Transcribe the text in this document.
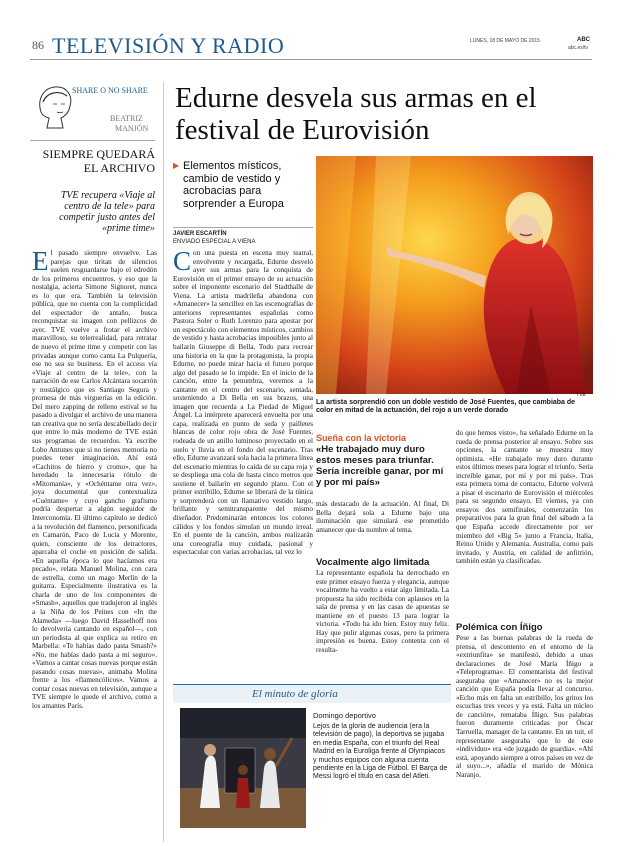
86 TELEVISIÓN Y RADIO	LUNES, 18 DE MAYO DE 2015	ABC
abc.es/tv
SHARE O NO SHARE
BEATRIZ
MANJÓN
SIEMPRE QUEDARÁ EL ARCHIVO
TVE recupera «Viaje al centro de la tele» para competir justo antes del «prime time»
El pasado siempre envuelve. Las parejas que tiritan de silencios suelen resguardarse bajo el edredón de los primeros encuentros, y eso que la nostalgia, acierta Simone Signoret, nunca es lo que era. También la televisión pública, que no cuenta con la complicidad del espectador de antaño, busca reconquistar su imagen con pellizcos de ayer. TVE vuelve a frotar el archivo maravilloso, su telerrealidad, para retratar de nuevo el prime time y competir con las privadas aunque como canta La Pulquería, ese no sea su business. En el access vía «Viaje al centro de la tele», con la narración de ese Carlos Alcántara socarrón y nostálgico que es Santiago Segura y promesa de más virguerías en la edición. Del mero zapping de relleno estival se ha pasado a divulgar el archivo de una manera tan creativa que no sería descabellado decir que entre lo más moderno de TVE están sus programas de recuerdos. Ya escribe Lobo Antunes que si no tienes memoria no puedes tener imaginación. Ahí está «Cachitos de hierro y cromo», que ha heredado la innecesaria rótulo de «Mitomanía», y «Ochéntame otra vez», joya documental que contextualiza «Cuéntame» y cuyo gancho grafismo podría despertar a algún seguidor de Interconomía. El último capítulo se dedicó a la revolución del flamenco, personificada en Camarón, Paco de Lucía y Morente, quien, consciente de los detractores, aparcaba el coche en posición de salida. «En aquella época lo que hacíamos era pecado», relata Manuel Molina, con cara de estrella, como un mago Merlín de la guitarra. Especialmente ilustrativa es la charla de uno de los componentes de «Smash», aquellos que tradujeron al inglés a la Niña de los Peines con «In the Alameda» —luego David Hasselhoff nos lo devolvería cantando en español—, con un periodista al que explica su retiro en Marbella: «Te habías dado pasta Smash?» «No, me habías dado pasta a mí seguro». «Vamos a cantar cosas nuevas porque están pasando cosas nuevas», animaba Molina frente a los «flamencólicos». Vamos a contar cosas nuevas en televisión, aunque a TVE siempre le quede el archivo, como a los amantes París.
Edurne desvela sus armas en el festival de Eurovisión
▶ Elementos místicos, cambio de vestido y acrobacias para sorprender a Europa
JAVIER ESCARTÍN
ENVIADO ESPECIAL A VIENA
Con una puesta en escena muy teatral, envolvente y recargada, Edurne desveló ayer sus armas para la conquista de Eurovisión en el primer ensayo de su actuación sobre el imponente escenario del Stadthalle de Viena. La artista madrileña abandona con «Amanecer» la sencillez en las escenografías de anteriores representantes españolas como Pastora Soler o Ruth Lorenzo para apostar por un espectáculo con elementos místicos, cambios de vestido y hasta acrobacias imposibles junto al bailarín Giuseppe di Bella. Todo para recrear una historia en la que la protagonista, la propia Edurne, no puede mirar hacia el futuro porque algo del pasado se lo impide. En el inicio de la canción, entre la penumbra, veremos a la cantante en el centro del escenario, sentada, sosteniendo a Di Bella en sus brazos, una imagen que recuerda a La Piedad de Miguel Ángel. La intérprete aparecerá envuelta por una capa, realizada en punto de seda y pailletes blancas de color rojo obra de José Fuentes, rodeada de un anillo luminoso proyectado en el suelo y lluvia en el fondo del escenario. Tras ello, Edurne avanzará sola hacia la primera línea del escenario mientras lo caída de su capa roja y se despliega una cola de hasta cinco metros que sostiene el bailarín en segundo plano. Con el primer estribillo, Edurne se liberará de la túnica y sorprenderá con un llamativo vestido largo, brillante y semitransparente del mismo diseñador. Predominarán entonces los colores cálidos y los fondos simulan un mundo irreal. En el puente de la canción, ambos realizarán una coreografía muy cuidada, pasional y espectacular con varias acrobacias, tal vez lo
TVE
La artista sorprendió con un doble vestido de José Fuentes, que cambiaba de color en mitad de la actuación, del rojo a un verde dorado
Sueña con la victoria
«He trabajado muy duro estos meses para triunfar. Sería increíble ganar, por mí y por mi país»
más destacado de la actuación. Al final, Di Bella dejará sola a Edurne bajo una iluminación que simulará ese prometido amanecer que da nombre al tema.
Vocalmente algo limitada
La representante española ha derrochado en este primer ensayo fuerza y elegancia, aunque vocalmente ha vuelto a estar algo limitada. La propuesta ha sido recibida con aplausos en la sala de prensa y en las casas de apuestas se mantiene en el puesto 13 para lograr la victoria. «Todo ha ido bien. Estoy muy feliz. Hay que pulir algunas cosas, pero la primera impresión es buena. Estoy contenta con el resulta-
do que hemos visto», ha señalado Edurne en la rueda de prensa posterior al ensayo. Sobre sus opciones, la cantante se muestra muy optimista. «He trabajado muy duro durante estos últimos meses para lograr el triunfo. Sería increíble ganar, por mí y por mi país». Tras esta primera toma de contacto, Edurne volverá a pisar el escenario de Eurovisión el miércoles para su segundo ensayo. El viernes, ya con ensayos dos semifinales, comenzarán los preparativos para la gran final del sábado a la que España accede directamente por ser miembro del «Big 5» junto a Francia, Italia, Reino Unido y Alemania. Australia, como país invitado, y Austria, en calidad de anfitrión, también están ya clasificadas.
Polémica con Íñigo
Pese a las buenas palabras de la rueda de prensa, el descontento en el entorno de la «extriunfita» se manifestó, debido a unas declaraciones de José María Íñigo a «Teleprograma». El comentarista del festival aseguraba que «Amanecer» no es la mejor canción que España podía llevar al concurso. «Echo más en falta un estribillo, los gritos los escuchas tres veces y ya está. Falta un núcleo de canción», remataba Íñigo. Sus palabras fueron duramente criticadas por Óscar Tarruella, manager de la cantante. En un tuit, el representante aseguraba que lo de este «individuo» era «de juzgado de guardia». «Ahí está, apoyando siempre a otros países en vez de al suyo...», añadía el marido de Mónica Naranjo.
El minuto de gloria
Domingo deportivo
Lejos de la gloria de audiencia (era la televisión de pago), la deportiva se jugaba en media España, con el triunfo del Real Madrid en la Euroliga frente al Olympiacos y muchos equipos con alguna cuenta pendiente en la Liga de Fútbol. El Barça de Messi logró el título en casa del Atleti.
